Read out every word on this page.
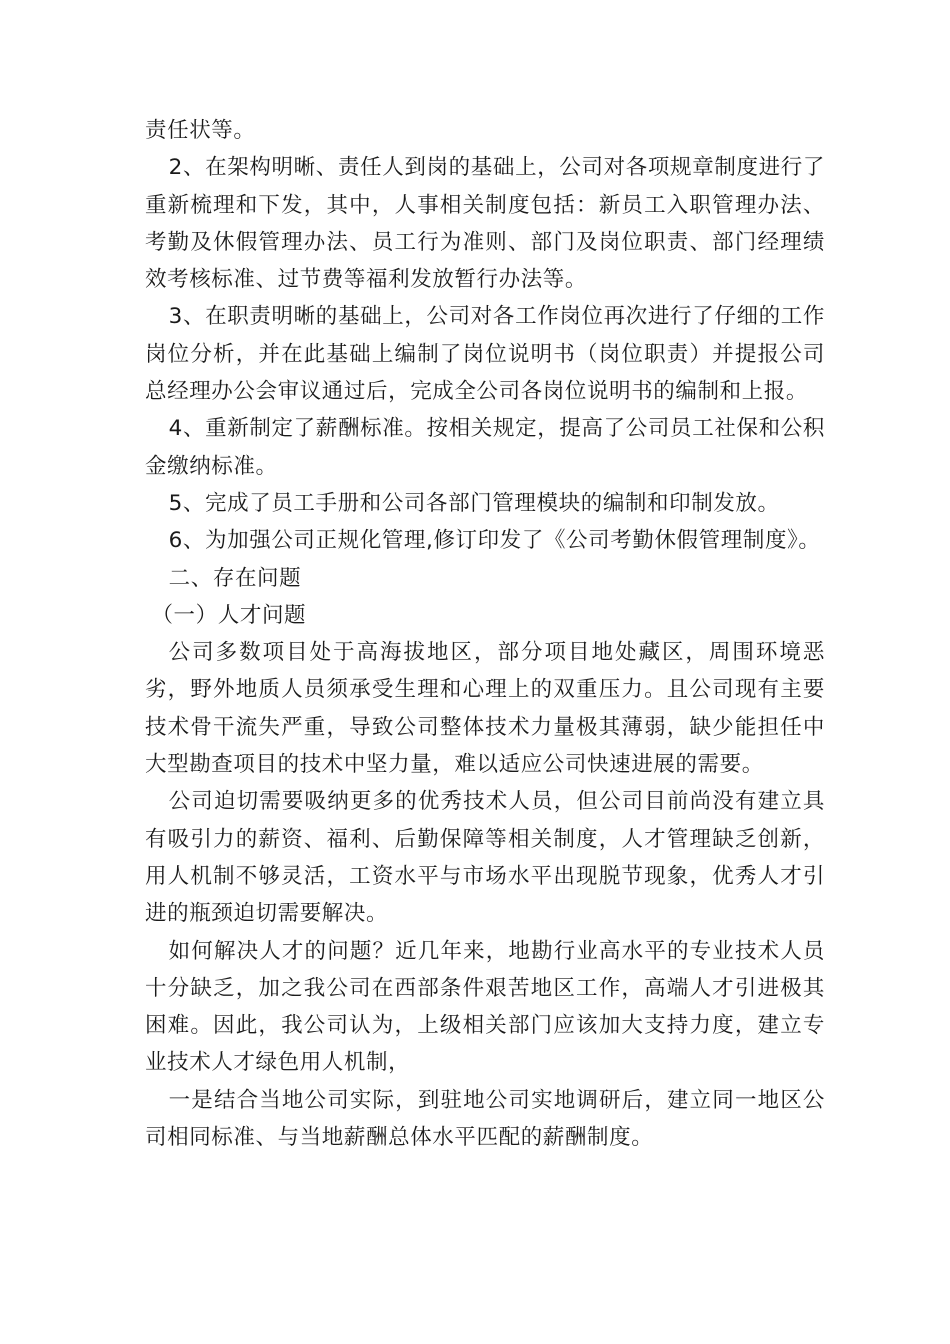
责任状等。

2、在架构明晰、责任人到岗的基础上，公司对各项规章制度进行了重新梳理和下发，其中，人事相关制度包括：新员工入职管理办法、考勤及休假管理办法、员工行为准则、部门及岗位职责、部门经理绩效考核标准、过节费等福利发放暂行办法等。

3、在职责明晰的基础上，公司对各工作岗位再次进行了仔细的工作岗位分析，并在此基础上编制了岗位说明书（岗位职责）并提报公司总经理办公会审议通过后，完成全公司各岗位说明书的编制和上报。

4、重新制定了薪酬标准。按相关规定，提高了公司员工社保和公积金缴纳标准。

5、完成了员工手册和公司各部门管理模块的编制和印制发放。

6、为加强公司正规化管理,修订印发了《公司考勤休假管理制度》。

二、存在问题

（一）人才问题

公司多数项目处于高海拔地区，部分项目地处藏区，周围环境恶劣，野外地质人员须承受生理和心理上的双重压力。且公司现有主要技术骨干流失严重，导致公司整体技术力量极其薄弱，缺少能担任中大型勘查项目的技术中坚力量，难以适应公司快速进展的需要。

公司迫切需要吸纳更多的优秀技术人员，但公司目前尚没有建立具有吸引力的薪资、福利、后勤保障等相关制度，人才管理缺乏创新，用人机制不够灵活，工资水平与市场水平出现脱节现象，优秀人才引进的瓶颈迫切需要解决。

如何解决人才的问题？近几年来，地勘行业高水平的专业技术人员十分缺乏，加之我公司在西部条件艰苦地区工作，高端人才引进极其困难。因此，我公司认为，上级相关部门应该加大支持力度，建立专业技术人才绿色用人机制，

一是结合当地公司实际，到驻地公司实地调研后，建立同一地区公司相同标准、与当地薪酬总体水平匹配的薪酬制度。
